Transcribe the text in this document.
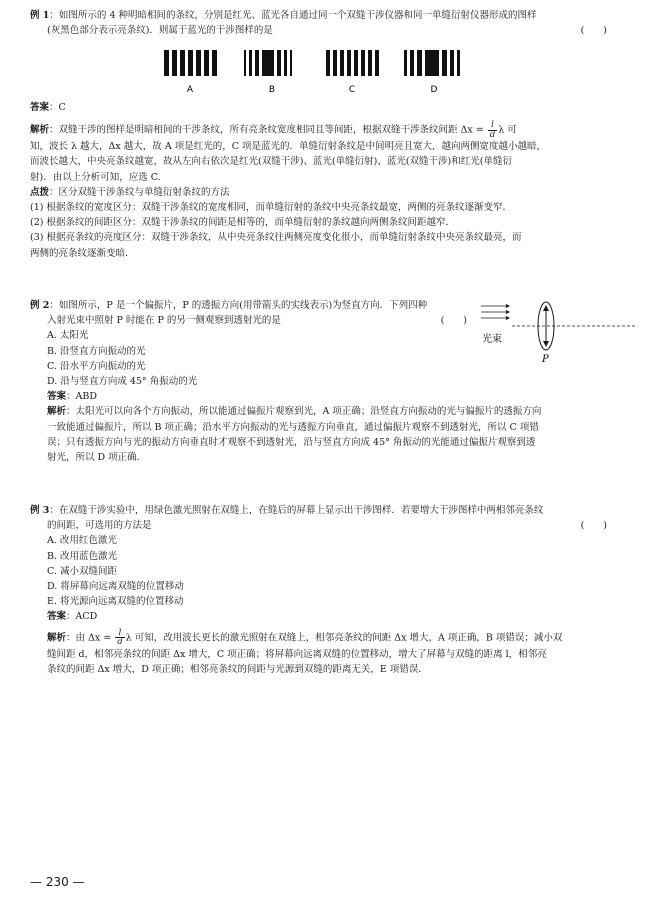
例 1：如图所示的 4 种明暗相间的条纹，分别是红光、蓝光各自通过同一个双缝干涉仪器和同一单缝衍射仪器形成的图样
(灰黑色部分表示亮条纹)．则属于蓝光的干涉图样的是	(　　)
A	B	C	D
答案：C
解析：双缝干涉的图样是明暗相间的干涉条纹，所有亮条纹宽度相同且等间距，根据双缝干涉条纹间距 $\Delta x = \frac{l}{d}$ λ 可
知，波长 λ 越大，Δx 越大，故 A 项是红光的，C 项是蓝光的．单缝衍射条纹是中间明亮且宽大，越向两侧宽度越小越暗，
而波长越大，中央亮条纹越宽，故从左向右依次是红光(双缝干涉)、蓝光(单缝衍射)、蓝光(双缝干涉)和红光(单缝衍
射)．由以上分析可知，应选 C.
点拨：区分双缝干涉条纹与单缝衍射条纹的方法
(1) 根据条纹的宽度区分：双缝干涉条纹的宽度相同，而单缝衍射的条纹中央亮条纹最宽，两侧的亮条纹逐渐变窄．
(2) 根据条纹的间距区分：双缝干涉条纹的间距是相等的，而单缝衍射的条纹越向两侧条纹间距越窄．
(3) 根据亮条纹的亮度区分：双缝干涉条纹，从中央亮条纹往两侧亮度变化很小，而单缝衍射条纹中央亮条纹最亮，而
两侧的亮条纹逐渐变暗．
例 2：如图所示，P 是一个偏振片，P 的透振方向(用带箭头的实线表示)为竖直方向．下列四种
入射光束中照射 P 时能在 P 的另一侧观察到透射光的是	(　　)
A. 太阳光
B. 沿竖直方向振动的光
C. 沿水平方向振动的光
D. 沿与竖直方向成 45° 角振动的光
答案：ABD
解析：太阳光可以向各个方向振动，所以能通过偏振片观察到光，A 项正确；沿竖直方向振动的光与偏振片的透振方向
一致能通过偏振片，所以 B 项正确；沿水平方向振动的光与透振方向垂直，通过偏振片观察不到透射光，所以 C 项错
误；只有透振方向与光的振动方向垂直时才观察不到透射光，沿与竖直方向成 45° 角振动的光能通过偏振片观察到透
射光，所以 D 项正确．
光束
P
例 3：在双缝干涉实验中，用绿色激光照射在双缝上，在缝后的屏幕上显示出干涉图样．若要增大干涉图样中两相邻亮条纹
的间距，可选用的方法是	(　　)
A. 改用红色激光
B. 改用蓝色激光
C. 减小双缝间距
D. 将屏幕向远离双缝的位置移动
E. 将光源向远离双缝的位置移动
答案：ACD
解析：由 $\Delta x = \frac{l}{d}$ λ 可知，改用波长更长的激光照射在双缝上，相邻亮条纹的间距 Δx 增大，A 项正确，B 项错误；减小双
缝间距 d，相邻亮条纹的间距 Δx 增大，C 项正确；将屏幕向远离双缝的位置移动，增大了屏幕与双缝的距离 l，相邻亮
条纹的间距 Δx 增大，D 项正确；相邻亮条纹的间距与光源到双缝的距离无关，E 项错误．
— 230 —
